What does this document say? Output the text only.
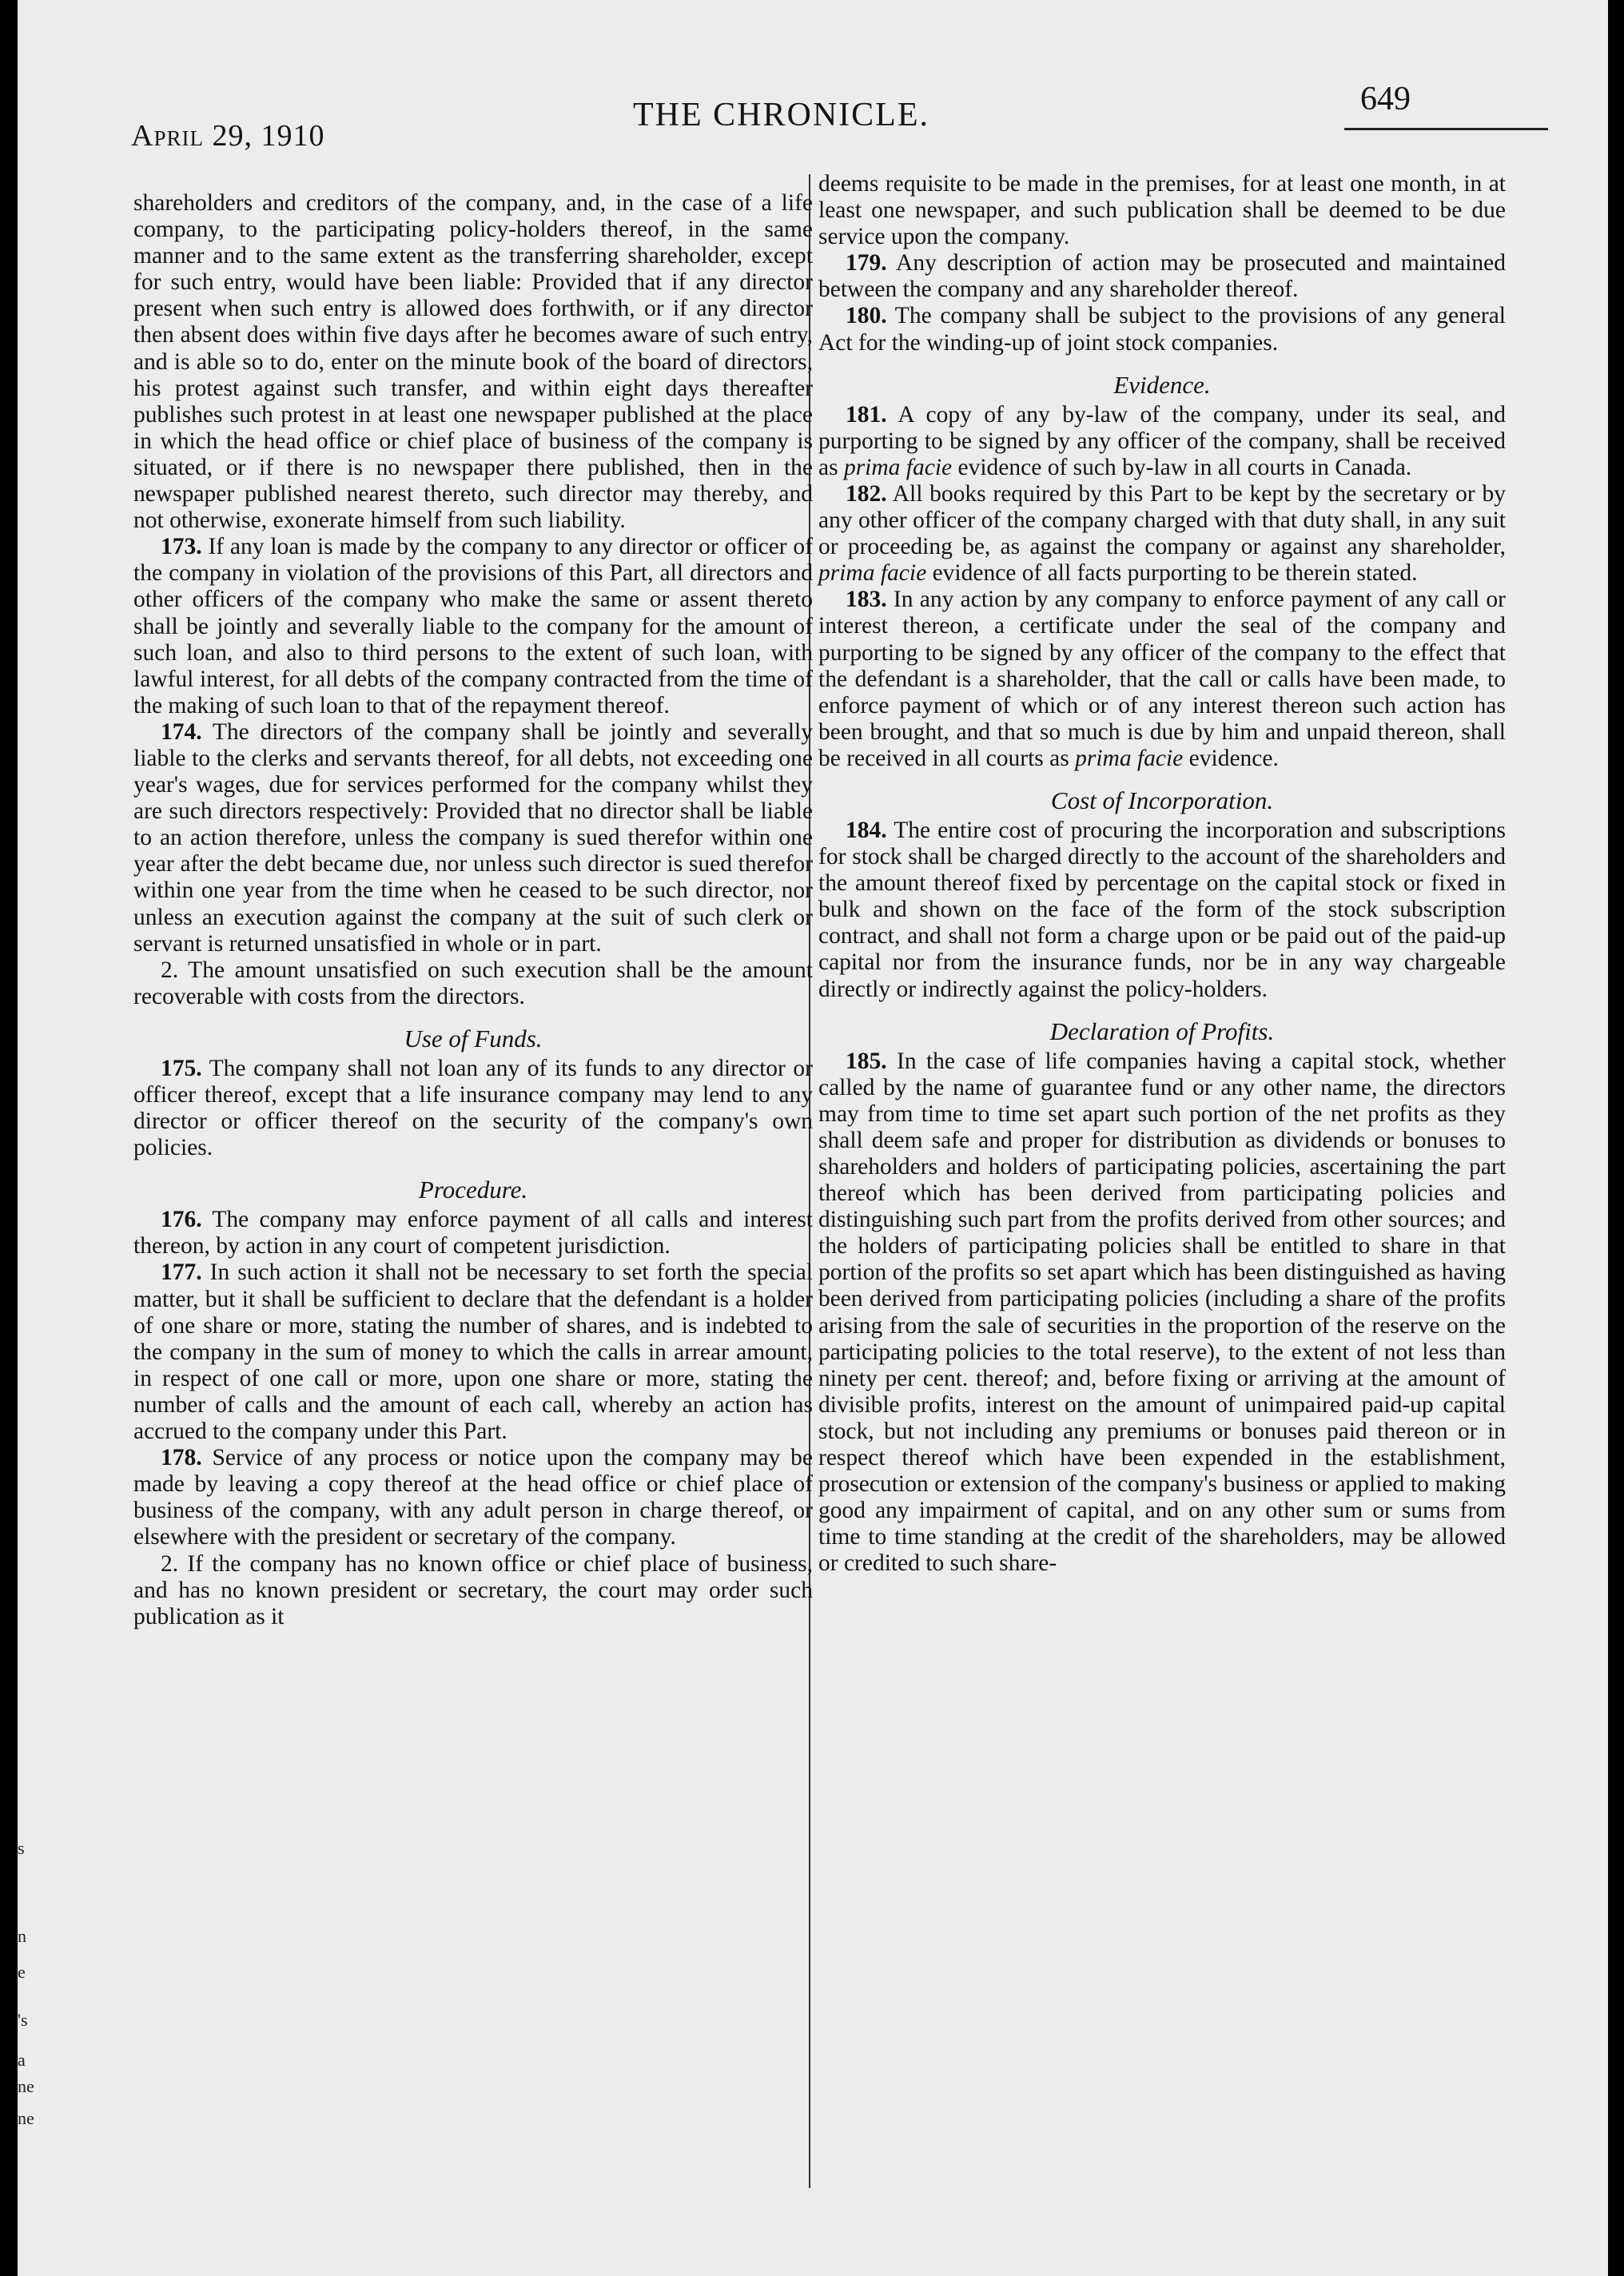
s
n
e
's
a
ne
ne
April 29, 1910
THE CHRONICLE.	649

shareholders and creditors of the company, and, in the case of a life company, to the participating policy-holders thereof, in the same manner and to the same extent as the transferring shareholder, except for such entry, would have been liable: Provided that if any director present when such entry is allowed does forthwith, or if any director then absent does within five days after he becomes aware of such entry, and is able so to do, enter on the minute book of the board of directors, his protest against such transfer, and within eight days thereafter publishes such protest in at least one newspaper published at the place in which the head office or chief place of business of the company is situated, or if there is no newspaper there published, then in the newspaper published nearest thereto, such director may thereby, and not otherwise, exonerate himself from such liability.

173. If any loan is made by the company to any director or officer of the company in violation of the provisions of this Part, all directors and other officers of the company who make the same or assent thereto shall be jointly and severally liable to the company for the amount of such loan, and also to third persons to the extent of such loan, with lawful interest, for all debts of the company contracted from the time of the making of such loan to that of the repayment thereof.

174. The directors of the company shall be jointly and severally liable to the clerks and servants thereof, for all debts, not exceeding one year's wages, due for services performed for the company whilst they are such directors respectively: Provided that no director shall be liable to an action therefore, unless the company is sued therefor within one year after the debt became due, nor unless such director is sued therefor within one year from the time when he ceased to be such director, nor unless an execution against the company at the suit of such clerk or servant is returned unsatisfied in whole or in part.

2. The amount unsatisfied on such execution shall be the amount recoverable with costs from the directors.

Use of Funds.

175. The company shall not loan any of its funds to any director or officer thereof, except that a life insurance company may lend to any director or officer thereof on the security of the company's own policies.

Procedure.

176. The company may enforce payment of all calls and interest thereon, by action in any court of competent jurisdiction.

177. In such action it shall not be necessary to set forth the special matter, but it shall be sufficient to declare that the defendant is a holder of one share or more, stating the number of shares, and is indebted to the company in the sum of money to which the calls in arrear amount, in respect of one call or more, upon one share or more, stating the number of calls and the amount of each call, whereby an action has accrued to the company under this Part.

178. Service of any process or notice upon the company may be made by leaving a copy thereof at the head office or chief place of business of the company, with any adult person in charge thereof, or elsewhere with the president or secretary of the company.

2. If the company has no known office or chief place of business, and has no known president or secretary, the court may order such publication as it

deems requisite to be made in the premises, for at least one month, in at least one newspaper, and such publication shall be deemed to be due service upon the company.

179. Any description of action may be prosecuted and maintained between the company and any shareholder thereof.

180. The company shall be subject to the provisions of any general Act for the winding-up of joint stock companies.

Evidence.

181. A copy of any by-law of the company, under its seal, and purporting to be signed by any officer of the company, shall be received as prima facie evidence of such by-law in all courts in Canada.

182. All books required by this Part to be kept by the secretary or by any other officer of the company charged with that duty shall, in any suit or proceeding be, as against the company or against any shareholder, prima facie evidence of all facts purporting to be therein stated.

183. In any action by any company to enforce payment of any call or interest thereon, a certificate under the seal of the company and purporting to be signed by any officer of the company to the effect that the defendant is a shareholder, that the call or calls have been made, to enforce payment of which or of any interest thereon such action has been brought, and that so much is due by him and unpaid thereon, shall be received in all courts as prima facie evidence.

Cost of Incorporation.

184. The entire cost of procuring the incorporation and subscriptions for stock shall be charged directly to the account of the shareholders and the amount thereof fixed by percentage on the capital stock or fixed in bulk and shown on the face of the form of the stock subscription contract, and shall not form a charge upon or be paid out of the paid-up capital nor from the insurance funds, nor be in any way chargeable directly or indirectly against the policy-holders.

Declaration of Profits.

185. In the case of life companies having a capital stock, whether called by the name of guarantee fund or any other name, the directors may from time to time set apart such portion of the net profits as they shall deem safe and proper for distribution as dividends or bonuses to shareholders and holders of participating policies, ascertaining the part thereof which has been derived from participating policies and distinguishing such part from the profits derived from other sources; and the holders of participating policies shall be entitled to share in that portion of the profits so set apart which has been distinguished as having been derived from participating policies (including a share of the profits arising from the sale of securities in the proportion of the reserve on the participating policies to the total reserve), to the extent of not less than ninety per cent. thereof; and, before fixing or arriving at the amount of divisible profits, interest on the amount of unimpaired paid-up capital stock, but not including any premiums or bonuses paid thereon or in respect thereof which have been expended in the establishment, prosecution or extension of the company's business or applied to making good any impairment of capital, and on any other sum or sums from time to time standing at the credit of the shareholders, may be allowed or credited to such share-
